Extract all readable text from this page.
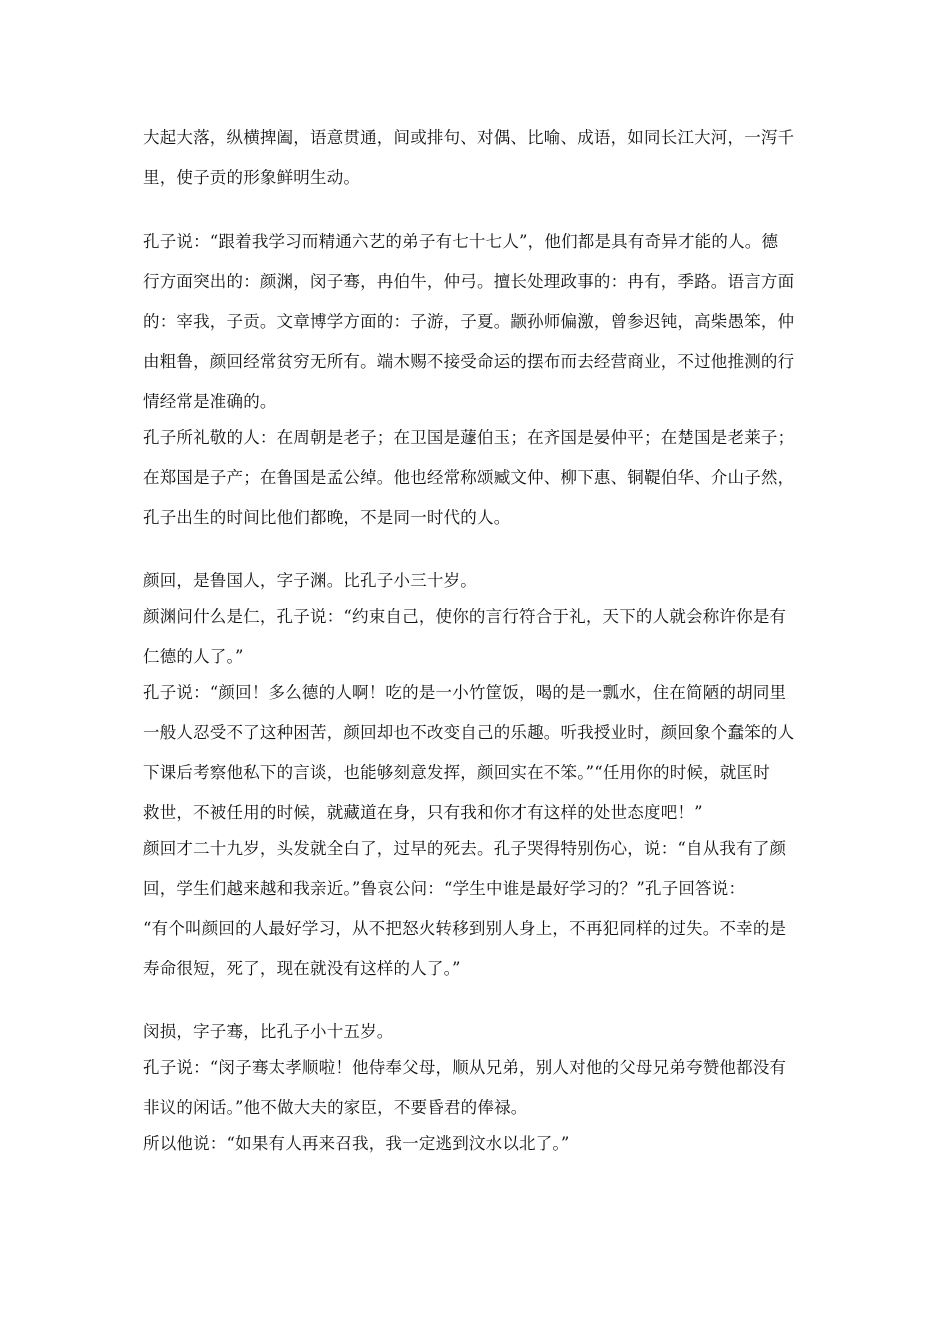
大起大落，纵横捭阖，语意贯通，间或排句、对偶、比喻、成语，如同长江大河，一泻千
里，使子贡的形象鲜明生动。
孔子说：“跟着我学习而精通六艺的弟子有七十七人”，他们都是具有奇异才能的人。德
行方面突出的：颜渊，闵子骞，冉伯牛，仲弓。擅长处理政事的：冉有，季路。语言方面
的：宰我，子贡。文章博学方面的：子游，子夏。颛孙师偏激，曾参迟钝，高柴愚笨，仲
由粗鲁，颜回经常贫穷无所有。端木赐不接受命运的摆布而去经营商业，不过他推测的行
情经常是准确的。
孔子所礼敬的人：在周朝是老子；在卫国是蘧伯玉；在齐国是晏仲平；在楚国是老莱子；
在郑国是子产；在鲁国是孟公绰。他也经常称颂臧文仲、柳下惠、铜鞮伯华、介山子然，
孔子出生的时间比他们都晚，不是同一时代的人。
颜回，是鲁国人，字子渊。比孔子小三十岁。
颜渊问什么是仁，孔子说：“约束自己，使你的言行符合于礼，天下的人就会称许你是有
仁德的人了。”
孔子说：“颜回！多么德的人啊！吃的是一小竹筐饭，喝的是一瓢水，住在简陋的胡同里
一般人忍受不了这种困苦，颜回却也不改变自己的乐趣。听我授业时，颜回象个蠢笨的人
下课后考察他私下的言谈，也能够刻意发挥，颜回实在不笨。”“任用你的时候，就匡时
救世，不被任用的时候，就藏道在身，只有我和你才有这样的处世态度吧！”
颜回才二十九岁，头发就全白了，过早的死去。孔子哭得特别伤心，说：“自从我有了颜
回，学生们越来越和我亲近。”鲁哀公问：“学生中谁是最好学习的？”孔子回答说：
“有个叫颜回的人最好学习，从不把怒火转移到别人身上，不再犯同样的过失。不幸的是
寿命很短，死了，现在就没有这样的人了。”
闵损，字子骞，比孔子小十五岁。
孔子说：“闵子骞太孝顺啦！他侍奉父母，顺从兄弟，别人对他的父母兄弟夸赞他都没有
非议的闲话。”他不做大夫的家臣，不要昏君的俸禄。
所以他说：“如果有人再来召我，我一定逃到汶水以北了。”
